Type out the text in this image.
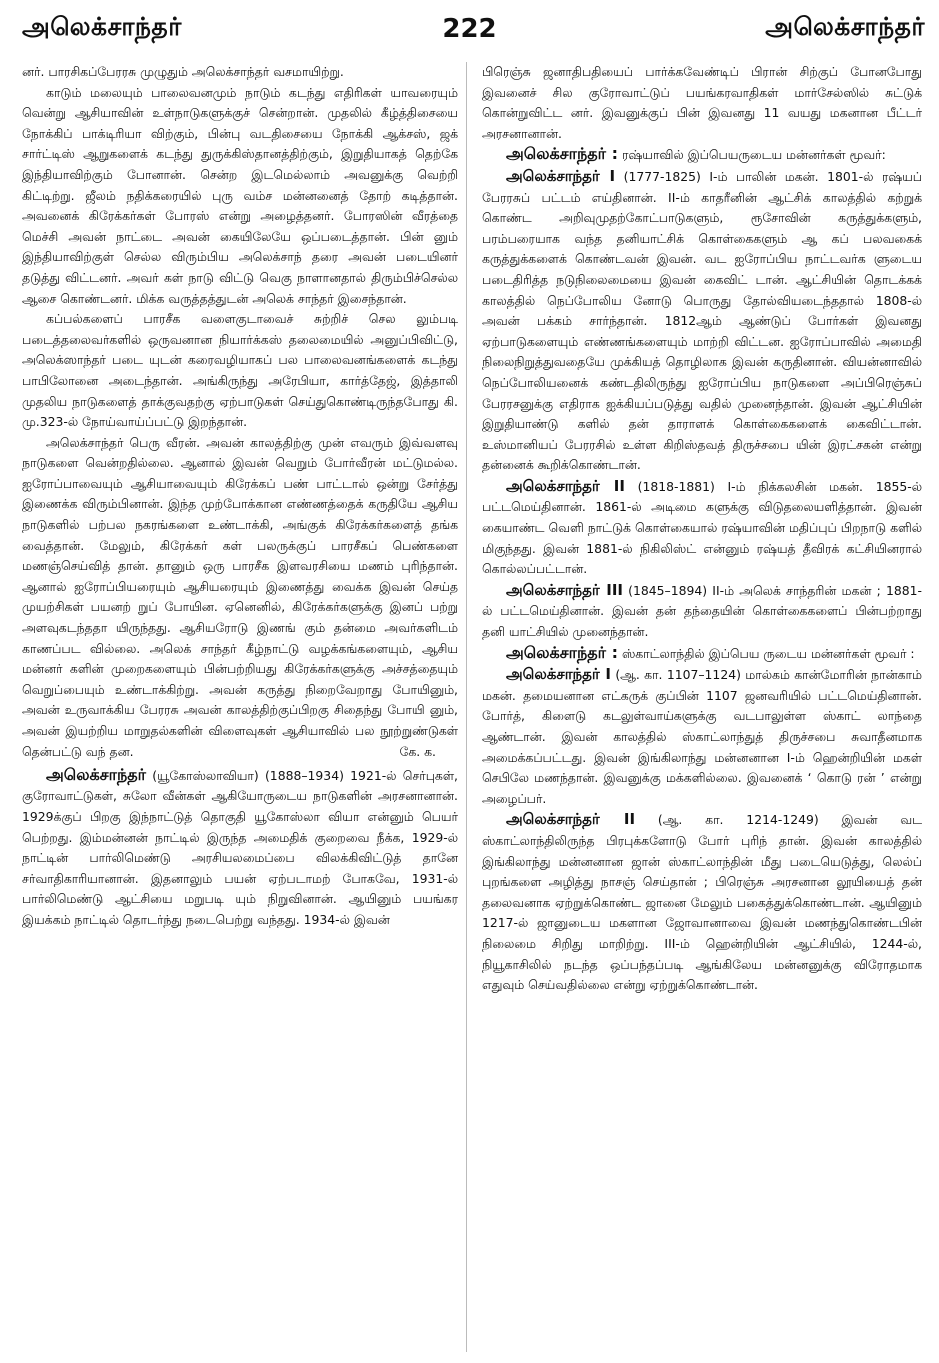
அலெக்சாந்தர்	222	அலெக்சாந்தர்

னர். பாரசிகப்பேரரசு முழுதும் அலெக்சாந்தர் வசமாயிற்று.

காடும் மலையும் பாலைவனமும் நாடும் கடந்து எதிரிகள் யாவரையும் வென்று ஆசியாவின் உள்நாடுகளுக்குச் சென்றான். முதலில் கீழ்த்திசையை நோக்கிப் பாக்டிரியா விற்கும், பின்பு வடதிசையை நோக்கி ஆக்சஸ், ஜக் சார்ட்டிஸ் ஆறுகளைக் கடந்து துருக்கிஸ்தானத்திற்கும், இறுதியாகத் தெற்கே இந்தியாவிற்கும் போனான். சென்ற இடமெல்லாம் அவனுக்கு வெற்றி கிட்டிற்று. ஜீலம் நதிக்கரையில் புரு வம்ச மன்னனைத் தோற் கடித்தான். அவனைக் கிரேக்கர்கள் போரஸ் என்று அழைத்தனர். போரஸின் வீரத்தை மெச்சி அவன் நாட்டை அவன் கையிலேயே ஒப்படைத்தான். பின் னும் இந்தியாவிற்குள் செல்ல விரும்பிய அலெக்சாந் தரை அவன் படையினர் தடுத்து விட்டனர். அவர் கள் நாடு விட்டு வெகு நாளானதால் திரும்பிச்செல்ல ஆசை கொண்டனர். மிக்க வருத்தத்துடன் அலெக் சாந்தர் இசைந்தான்.

கப்பல்களைப் பாரசீக வளைகுடாவைச் சுற்றிச் செல லும்படி படைத்தலைவர்களில் ஒருவனான நியார்க்கஸ் தலைமையில் அனுப்பிவிட்டு, அலெக்ஸாந்தர் படை யுடன் கரைவழியாகப் பல பாலைவனங்களைக் கடந்து பாபிலோனை அடைந்தான். அங்கிருந்து அரேபியா, கார்த்தேஜ், இத்தாலி முதலிய நாடுகளைத் தாக்குவதற்கு ஏற்பாடுகள் செய்துகொண்டிருந்தபோது கி. மு.323-ல் நோய்வாய்ப்பட்டு இறந்தான்.

அலெக்சாந்தர் பெரு வீரன். அவன் காலத்திற்கு முன் எவரும் இவ்வளவு நாடுகளை வென்றதில்லை. ஆனால் இவன் வெறும் போர்வீரன் மட்டுமல்ல. ஐரோப்பாவையும் ஆசியாவையும் கிரேக்கப் பண் பாட்டால் ஒன்று சேர்த்து இணைக்க விரும்பினான். இந்த முற்போக்கான எண்ணத்தைக் கருதியே ஆசிய நாடுகளில் பற்பல நகரங்களை உண்டாக்கி, அங்குக் கிரேக்கர்களைத் தங்க வைத்தான். மேலும், கிரேக்கர் கள் பலருக்குப் பாரசீகப் பெண்களை மணஞ்செய்வித் தான். தானும் ஒரு பாரசீக இளவரசியை மணம் புரிந்தான். ஆனால் ஐரோப்பியரையும் ஆசியரையும் இணைத்து வைக்க இவன் செய்த முயற்சிகள் பயனற் றுப் போயின. ஏனெனில், கிரேக்கர்களுக்கு இனப் பற்று அளவுகடந்ததா யிருந்தது. ஆசியரோடு இணங் கும் தன்மை அவர்களிடம் காணப்பட வில்லை. அலெக் சாந்தர் கீழ்நாட்டு வழக்கங்களையும், ஆசிய மன்னர் களின் முறைகளையும் பின்பற்றியது கிரேக்கர்களுக்கு அச்சத்தையும் வெறுப்பையும் உண்டாக்கிற்று. அவன் கருத்து நிறைவேறாது போயினும், அவன் உருவாக்கிய பேரரசு அவன் காலத்திற்குப்பிறகு சிதைந்து போயி னும், அவன் இயற்றிய மாறுதல்களின் விளைவுகள் ஆசியாவில் பல நூற்றுண்டுகள் தென்பட்டு வந் தன.	கே. க.

அலெக்சாந்தர் (யூகோஸ்லாவியா) (1888–1934) 1921-ல் செர்புகள், குரோவாட்டுகள், சுலோ வீன்கள் ஆகியோருடைய நாடுகளின் அரசனானான். 1929க்குப் பிறகு இந்நாட்டுத் தொகுதி யூகோஸ்லா வியா என்னும் பெயர் பெற்றது. இம்மன்னன் நாட்டில் இருந்த அமைதிக் குறைவை நீக்க, 1929-ல் நாட்டின் பார்லிமெண்டு அரசியலமைப்பை விலக்கிவிட்டுத் தானே சர்வாதிகாரியானான். இதனாலும் பயன் ஏற்படாமற் போகவே, 1931-ல் பார்லிமெண்டு ஆட்சியை மறுபடி யும் நிறுவினான். ஆயினும் பயங்கர இயக்கம் நாட்டில் தொடர்ந்து நடைபெற்று வந்தது. 1934-ல் இவன்

பிரெஞ்சு ஜனாதிபதியைப் பார்க்கவேண்டிப் பிரான் சிற்குப் போனபோது இவனைச் சில குரோவாட்டுப் பயங்கரவாதிகள் மார்சேல்ஸில் சுட்டுக் கொன்றுவிட்ட னர். இவனுக்குப் பின் இவனது 11 வயது மகனான பீட்டர் அரசனானான்.

அலெக்சாந்தர் : ரஷ்யாவில் இப்பெயருடைய மன்னர்கள் மூவர்:

அலெக்சாந்தர் I (1777-1825) I-ம் பாலின் மகன். 1801-ல் ரஷ்யப் பேரரசுப் பட்டம் எய்தினான். II-ம் காதரீனின் ஆட்சிக் காலத்தில் கற்றுக் கொண்ட அறிவுமுதற்கோட்பாடுகளும், ரூசோவின் கருத்துக்களும், பரம்பரையாக வந்த தனியாட்சிக் கொள்கைகளும் ஆ கப் பலவகைக் கருத்துக்களைக் கொண்டவன் இவன். வட ஐரோப்பிய நாட்டவர்க ளுடைய படைதிரித்த நடுநிலைமையை இவன் கைவிட் டான். ஆட்சியின் தொடக்கக் காலத்தில் நெப்போலிய னோடு பொருது தோல்வியடைந்ததால் 1808-ல் அவன் பக்கம் சார்ந்தான். 1812ஆம் ஆண்டுப் போர்கள் இவனது ஏற்பாடுகளையும் எண்ணங்களையும் மாற்றி விட்டன. ஐரோப்பாவில் அமைதி நிலைநிறுத்துவதையே முக்கியத் தொழிலாக இவன் கருதினான். வியன்னாவில் நெப்போலியனைக் கண்டதிலிருந்து ஐரோப்பிய நாடுகளை அப்பிரெஞ்சுப் பேரரசனுக்கு எதிராக ஐக்கியப்படுத்து வதில் முனைந்தான். இவன் ஆட்சியின் இறுதியாண்டு களில் தன் தாராளக் கொள்கைகளைக் கைவிட்டான். உஸ்மானியப் பேரரசில் உள்ள கிறிஸ்தவத் திருச்சபை யின் இரட்சகன் என்று தன்னைக் கூறிக்கொண்டான்.

அலெக்சாந்தர் II (1818-1881) I-ம் நிக்கலசின் மகன். 1855-ல் பட்டமெய்தினான். 1861-ல் அடிமை களுக்கு விடுதலையளித்தான். இவன் கையாண்ட வெளி நாட்டுக் கொள்கையால் ரஷ்யாவின் மதிப்புப் பிறநாடு களில் மிகுந்தது. இவன் 1881-ல் நிகிலிஸ்ட் என்னும் ரஷ்யத் தீவிரக் கட்சியினரால் கொல்லப்பட்டான்.

அலெக்சாந்தர் III (1845–1894) II-ம் அலெக் சாந்தரின் மகன் ; 1881-ல் பட்டமெய்தினான். இவன் தன் தந்தையின் கொள்கைகளைப் பின்பற்றாது தனி யாட்சியில் முனைந்தான்.

அலெக்சாந்தர் : ஸ்காட்லாந்தில் இப்பெய ருடைய மன்னர்கள் மூவர் :

அலெக்சாந்தர் I (ஆ. கா. 1107–1124) மால்கம் கான்மோரின் நான்காம் மகன். தமையனான எட்கருக் குப்பின் 1107 ஜனவரியில் பட்டமெய்தினான். போர்த், கிளைடு கடலுள்வாய்களுக்கு வடபாலுள்ள ஸ்காட் லாந்தை ஆண்டான். இவன் காலத்தில் ஸ்காட்லாந்துத் திருச்சபை சுவாதீனமாக அமைக்கப்பட்டது. இவன் இங்கிலாந்து மன்னனான I-ம் ஹென்றியின் மகள் செபிலே மணந்தான். இவனுக்கு மக்களில்லை. இவனைக் ‘ கொடு ரன் ’ என்று அழைப்பர்.

அலெக்சாந்தர் II (ஆ. கா. 1214-1249) இவன் வட ஸ்காட்லாந்திலிருந்த பிரபுக்களோடு போர் புரிந் தான். இவன் காலத்தில் இங்கிலாந்து மன்னனான ஜான் ஸ்காட்லாந்தின் மீது படையெடுத்து, லெல்ப் புறங்களை அழித்து நாசஞ் செய்தான் ; பிரெஞ்சு அரசனான லூயியைத் தன் தலைவனாக ஏற்றுக்கொண்ட ஜானை மேலும் பகைத்துக்கொண்டான். ஆயினும் 1217-ல் ஜானுடைய மகளான ஜோவானாவை இவன் மணந்துகொண்டபின் நிலைமை சிறிது மாறிற்று. III-ம் ஹென்றியின் ஆட்சியில், 1244-ல், நியூகாசிலில் நடந்த ஒப்பந்தப்படி ஆங்கிலேய மன்னனுக்கு விரோதமாக எதுவும் செய்வதில்லை என்று ஏற்றுக்கொண்டான்.
